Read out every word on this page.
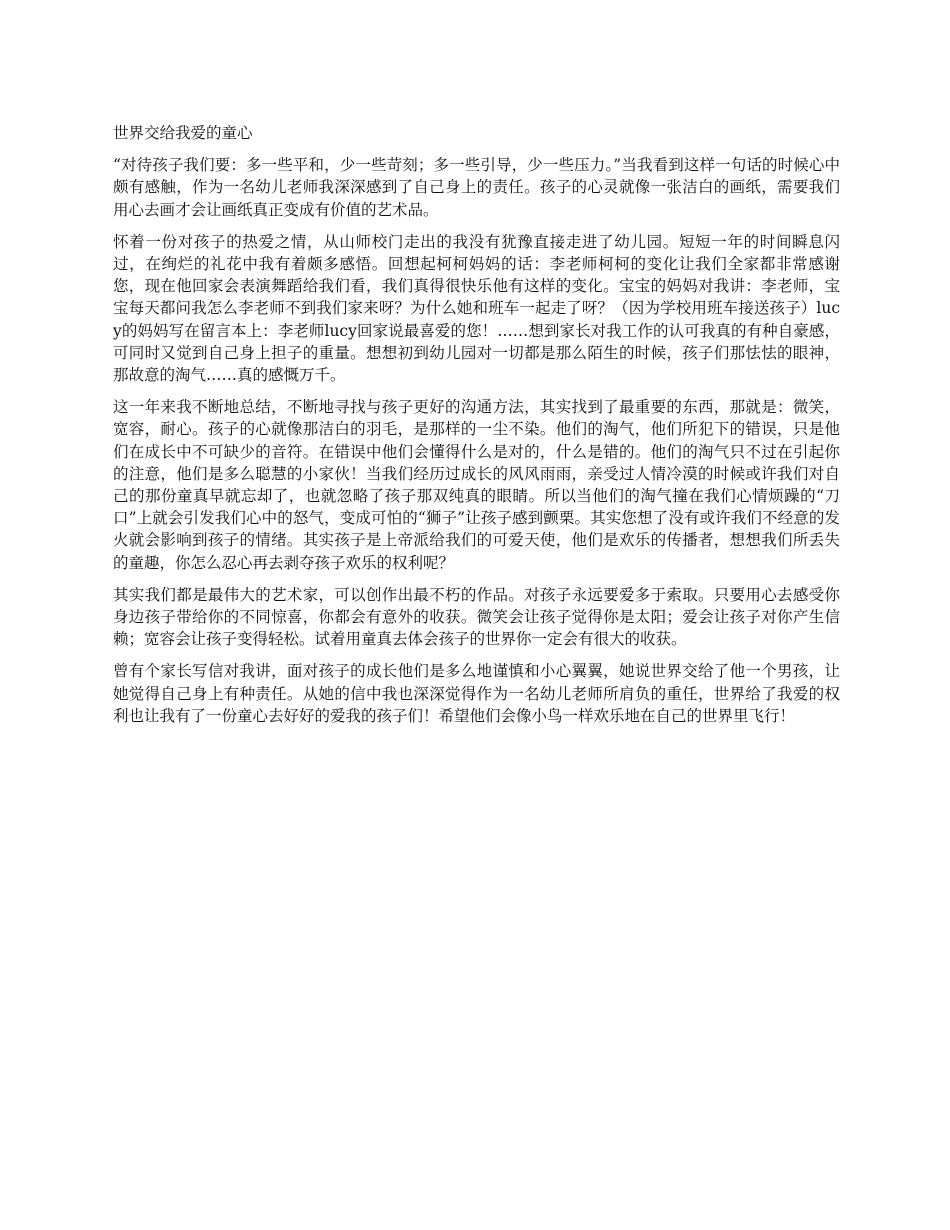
世界交给我爱的童心

“对待孩子我们要：多一些平和，少一些苛刻；多一些引导，少一些压力。”当我看到这样一句话的时候心中颇有感触，作为一名幼儿老师我深深感到了自己身上的责任。孩子的心灵就像一张洁白的画纸，需要我们用心去画才会让画纸真正变成有价值的艺术品。

怀着一份对孩子的热爱之情，从山师校门走出的我没有犹豫直接走进了幼儿园。短短一年的时间瞬息闪过，在绚烂的礼花中我有着颇多感悟。回想起柯柯妈妈的话：李老师柯柯的变化让我们全家都非常感谢您，现在他回家会表演舞蹈给我们看，我们真得很快乐他有这样的变化。宝宝的妈妈对我讲：李老师，宝宝每天都问我怎么李老师不到我们家来呀？为什么她和班车一起走了呀？（因为学校用班车接送孩子）lucy的妈妈写在留言本上：李老师lucy回家说最喜爱的您！……想到家长对我工作的认可我真的有种自豪感，可同时又觉到自己身上担子的重量。想想初到幼儿园对一切都是那么陌生的时候，孩子们那怯怯的眼神，那故意的淘气……真的感慨万千。

这一年来我不断地总结，不断地寻找与孩子更好的沟通方法，其实找到了最重要的东西，那就是：微笑，宽容，耐心。孩子的心就像那洁白的羽毛，是那样的一尘不染。他们的淘气，他们所犯下的错误，只是他们在成长中不可缺少的音符。在错误中他们会懂得什么是对的，什么是错的。他们的淘气只不过在引起你的注意，他们是多么聪慧的小家伙！当我们经历过成长的风风雨雨，亲受过人情冷漠的时候或许我们对自己的那份童真早就忘却了，也就忽略了孩子那双纯真的眼睛。所以当他们的淘气撞在我们心情烦躁的“刀口”上就会引发我们心中的怒气，变成可怕的“狮子”让孩子感到颤栗。其实您想了没有或许我们不经意的发火就会影响到孩子的情绪。其实孩子是上帝派给我们的可爱天使，他们是欢乐的传播者，想想我们所丢失的童趣，你怎么忍心再去剥夺孩子欢乐的权利呢？

其实我们都是最伟大的艺术家，可以创作出最不朽的作品。对孩子永远要爱多于索取。只要用心去感受你身边孩子带给你的不同惊喜，你都会有意外的收获。微笑会让孩子觉得你是太阳；爱会让孩子对你产生信赖；宽容会让孩子变得轻松。试着用童真去体会孩子的世界你一定会有很大的收获。

曾有个家长写信对我讲，面对孩子的成长他们是多么地谨慎和小心翼翼，她说世界交给了他一个男孩，让她觉得自己身上有种责任。从她的信中我也深深觉得作为一名幼儿老师所肩负的重任，世界给了我爱的权利也让我有了一份童心去好好的爱我的孩子们！希望他们会像小鸟一样欢乐地在自己的世界里飞行！
